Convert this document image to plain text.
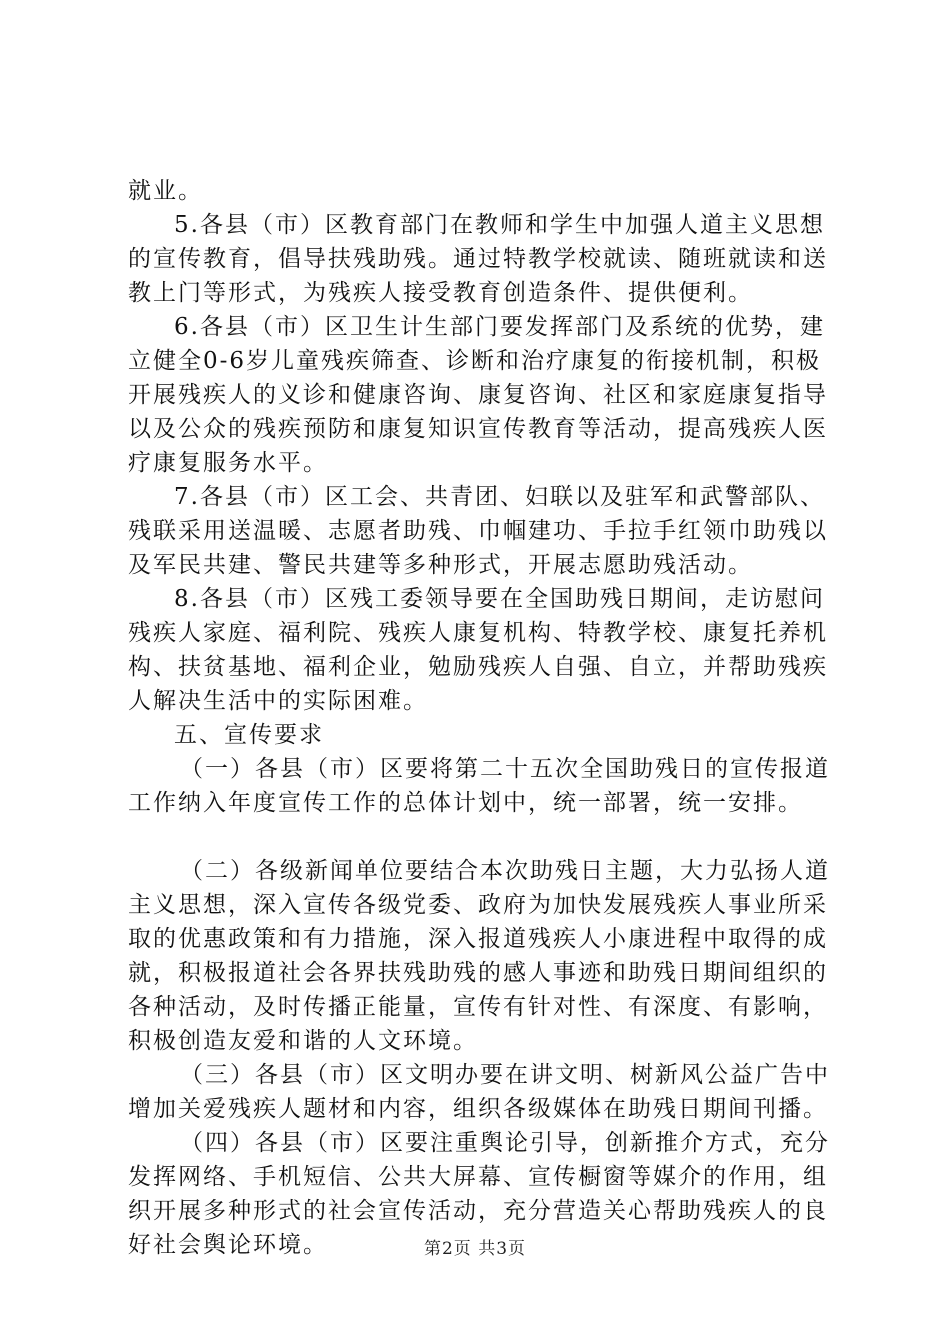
就业。

5.各县（市）区教育部门在教师和学生中加强人道主义思想的宣传教育，倡导扶残助残。通过特教学校就读、随班就读和送教上门等形式，为残疾人接受教育创造条件、提供便利。

6.各县（市）区卫生计生部门要发挥部门及系统的优势，建立健全0-6岁儿童残疾筛查、诊断和治疗康复的衔接机制，积极开展残疾人的义诊和健康咨询、康复咨询、社区和家庭康复指导以及公众的残疾预防和康复知识宣传教育等活动，提高残疾人医疗康复服务水平。

7.各县（市）区工会、共青团、妇联以及驻军和武警部队、残联采用送温暖、志愿者助残、巾帼建功、手拉手红领巾助残以及军民共建、警民共建等多种形式，开展志愿助残活动。

8.各县（市）区残工委领导要在全国助残日期间，走访慰问残疾人家庭、福利院、残疾人康复机构、特教学校、康复托养机构、扶贫基地、福利企业，勉励残疾人自强、自立，并帮助残疾人解决生活中的实际困难。

五、宣传要求

（一）各县（市）区要将第二十五次全国助残日的宣传报道工作纳入年度宣传工作的总体计划中，统一部署，统一安排。

（二）各级新闻单位要结合本次助残日主题，大力弘扬人道主义思想，深入宣传各级党委、政府为加快发展残疾人事业所采取的优惠政策和有力措施，深入报道残疾人小康进程中取得的成就，积极报道社会各界扶残助残的感人事迹和助残日期间组织的各种活动，及时传播正能量，宣传有针对性、有深度、有影响，积极创造友爱和谐的人文环境。

（三）各县（市）区文明办要在讲文明、树新风公益广告中增加关爱残疾人题材和内容，组织各级媒体在助残日期间刊播。

（四）各县（市）区要注重舆论引导，创新推介方式，充分发挥网络、手机短信、公共大屏幕、宣传橱窗等媒介的作用，组织开展多种形式的社会宣传活动，充分营造关心帮助残疾人的良好社会舆论环境。	第2页 共3页
